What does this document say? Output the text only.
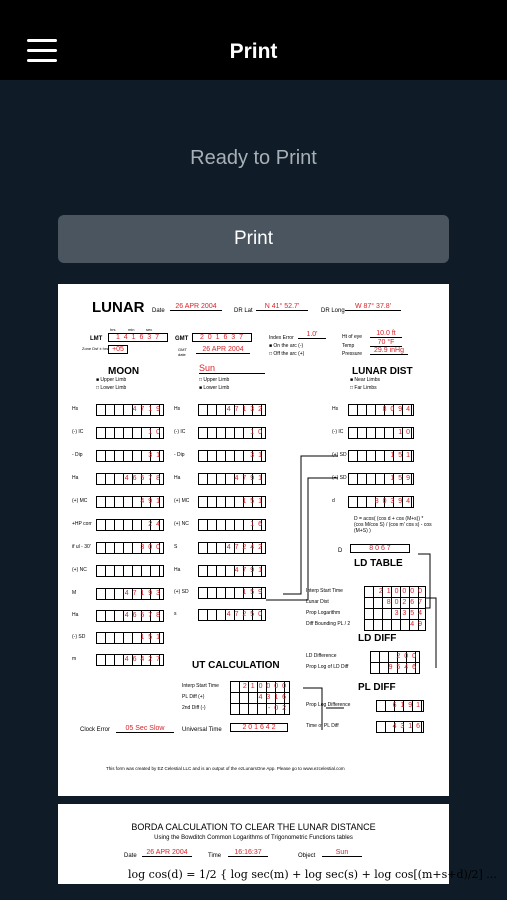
Print
Ready to Print
Print
LUNAR Date
26 APR 2004
DR Lat
N 41° 52.7'
DR Long
W 87° 37.8'
hrs	min	sec
LMT	1 4 1 6 3 7
Zone Dsf ± hrs +05
GMT	2 0 1 6 3 7
GMT date
26 APR 2004
Index Error	1.0'
■ On the arc (-)
□ Off the arc (+)
Ht of eye	10.0 ft
Temp	70 °F
Pressure	29.9 inHg
MOON
■ Upper Limb
□ Lower Limb
Sun
□ Upper Limb
■ Lower Limb
LUNAR DIST
■ Near Limbs
□ Far Limbs
D = acos( (cos d + cos (M+s)) * (cos M/cos S) / (cos m' cos s) - cos (M+S) )
D	8 0 6 7
LD TABLE
LD DIFF
PL DIFF
UT CALCULATION
Clock Error	05 Sec Slow	Universal Time	2 0 1 6 4 2
This form was created by EZ Celestial LLC and is an output of the ezLunarsOne App. Please go to www.ezcelestial.com
Hs	4 7 1 9
(-) IC	1 0
- Dip	3 1
Ha	4 6 5 7 8
(+) MC	4 9 1
+HP corr	2 4
if ul - 30'	3 0 0
(+) NC
M	4 7 1 9 3
Ha	4 6 5 7 8
(-) SD	1 5 1
m	4 6 4 2 7
Hs	4 7 1 3 2
(-) IC	1 0
- Dip	3 1
Ha	4 7 9 1
(+) MC	1 5 1
(+) NC	1 6
S	4 7 2 4 2
Ha	4 7 9 1
(+) SD	1 5 9
s	4 7 2 5 0
Hs	8 0 9 4
(-) IC	1 0
(+) SD	1 5 1
(+) SD	1 5 9
d	8 0 3 9 4
Interp Start Time	2 1 0 0 0 0
Lunar Dist	8 0 2 6 7
Prop Logarithm	3 3 5 4
Diff Bounding PL / 2	4 9
LD Difference	2 0 0
Prop Log of LD Diff	9 5 4 6
Prop Log Difference	6 1 9 1
Time of PL Diff	4 3 1 6
Interp Start Time	2 1 0 0 0 0
PL Diff (+)	4 3 1 6
2nd Diff (-)	- 0 2
BORDA CALCULATION TO CLEAR THE LUNAR DISTANCE
Using the Bowditch Common Logarithms of Trigonometric Functions tables
Date	26 APR 2004	Time	16:16:37	Object	Sun
log cos(d) = 1/2 { log sec(m) + log sec(s) + log cos[(m+s+d)/2] ...
